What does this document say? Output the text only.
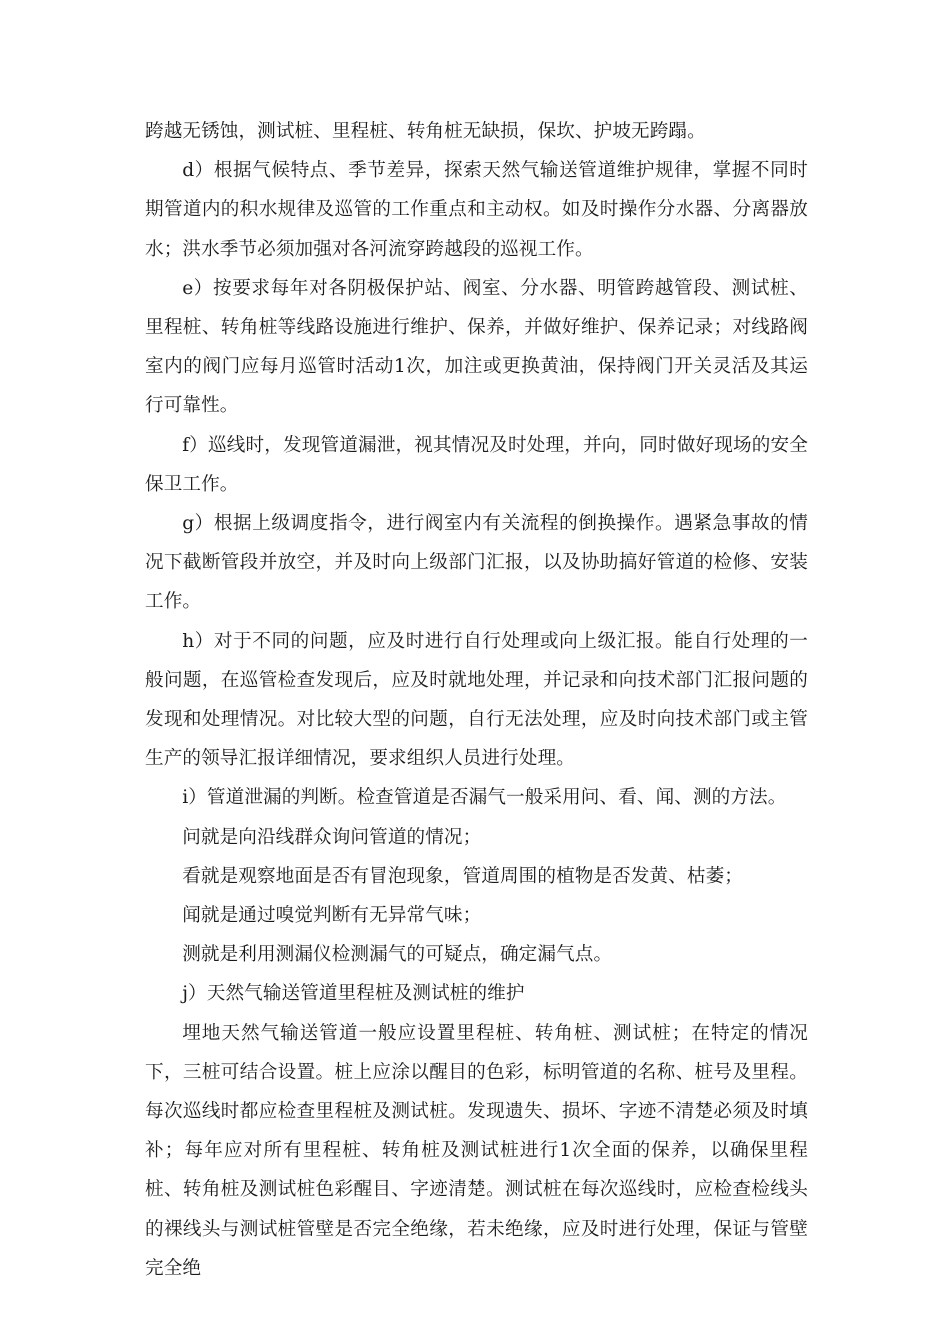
跨越无锈蚀，测试桩、里程桩、转角桩无缺损，保坎、护坡无跨蹋。

d）根据气候特点、季节差异，探索天然气输送管道维护规律，掌握不同时期管道内的积水规律及巡管的工作重点和主动权。如及时操作分水器、分离器放水；洪水季节必须加强对各河流穿跨越段的巡视工作。

e）按要求每年对各阴极保护站、阀室、分水器、明管跨越管段、测试桩、里程桩、转角桩等线路设施进行维护、保养，并做好维护、保养记录；对线路阀室内的阀门应每月巡管时活动1次，加注或更换黄油，保持阀门开关灵活及其运行可靠性。

f）巡线时，发现管道漏泄，视其情况及时处理，并向，同时做好现场的安全保卫工作。

g）根据上级调度指令，进行阀室内有关流程的倒换操作。遇紧急事故的情况下截断管段并放空，并及时向上级部门汇报，以及协助搞好管道的检修、安装工作。

h）对于不同的问题，应及时进行自行处理或向上级汇报。能自行处理的一般问题，在巡管检查发现后，应及时就地处理，并记录和向技术部门汇报问题的发现和处理情况。对比较大型的问题，自行无法处理，应及时向技术部门或主管生产的领导汇报详细情况，要求组织人员进行处理。

i）管道泄漏的判断。检查管道是否漏气一般采用问、看、闻、测的方法。

问就是向沿线群众询问管道的情况；

看就是观察地面是否有冒泡现象，管道周围的植物是否发黄、枯萎；

闻就是通过嗅觉判断有无异常气味；

测就是利用测漏仪检测漏气的可疑点，确定漏气点。

j）天然气输送管道里程桩及测试桩的维护

埋地天然气输送管道一般应设置里程桩、转角桩、测试桩；在特定的情况下，三桩可结合设置。桩上应涂以醒目的色彩，标明管道的名称、桩号及里程。每次巡线时都应检查里程桩及测试桩。发现遗失、损坏、字迹不清楚必须及时填补；每年应对所有里程桩、转角桩及测试桩进行1次全面的保养，以确保里程桩、转角桩及测试桩色彩醒目、字迹清楚。测试桩在每次巡线时，应检查检线头的裸线头与测试桩管壁是否完全绝缘，若未绝缘，应及时进行处理，保证与管壁完全绝
